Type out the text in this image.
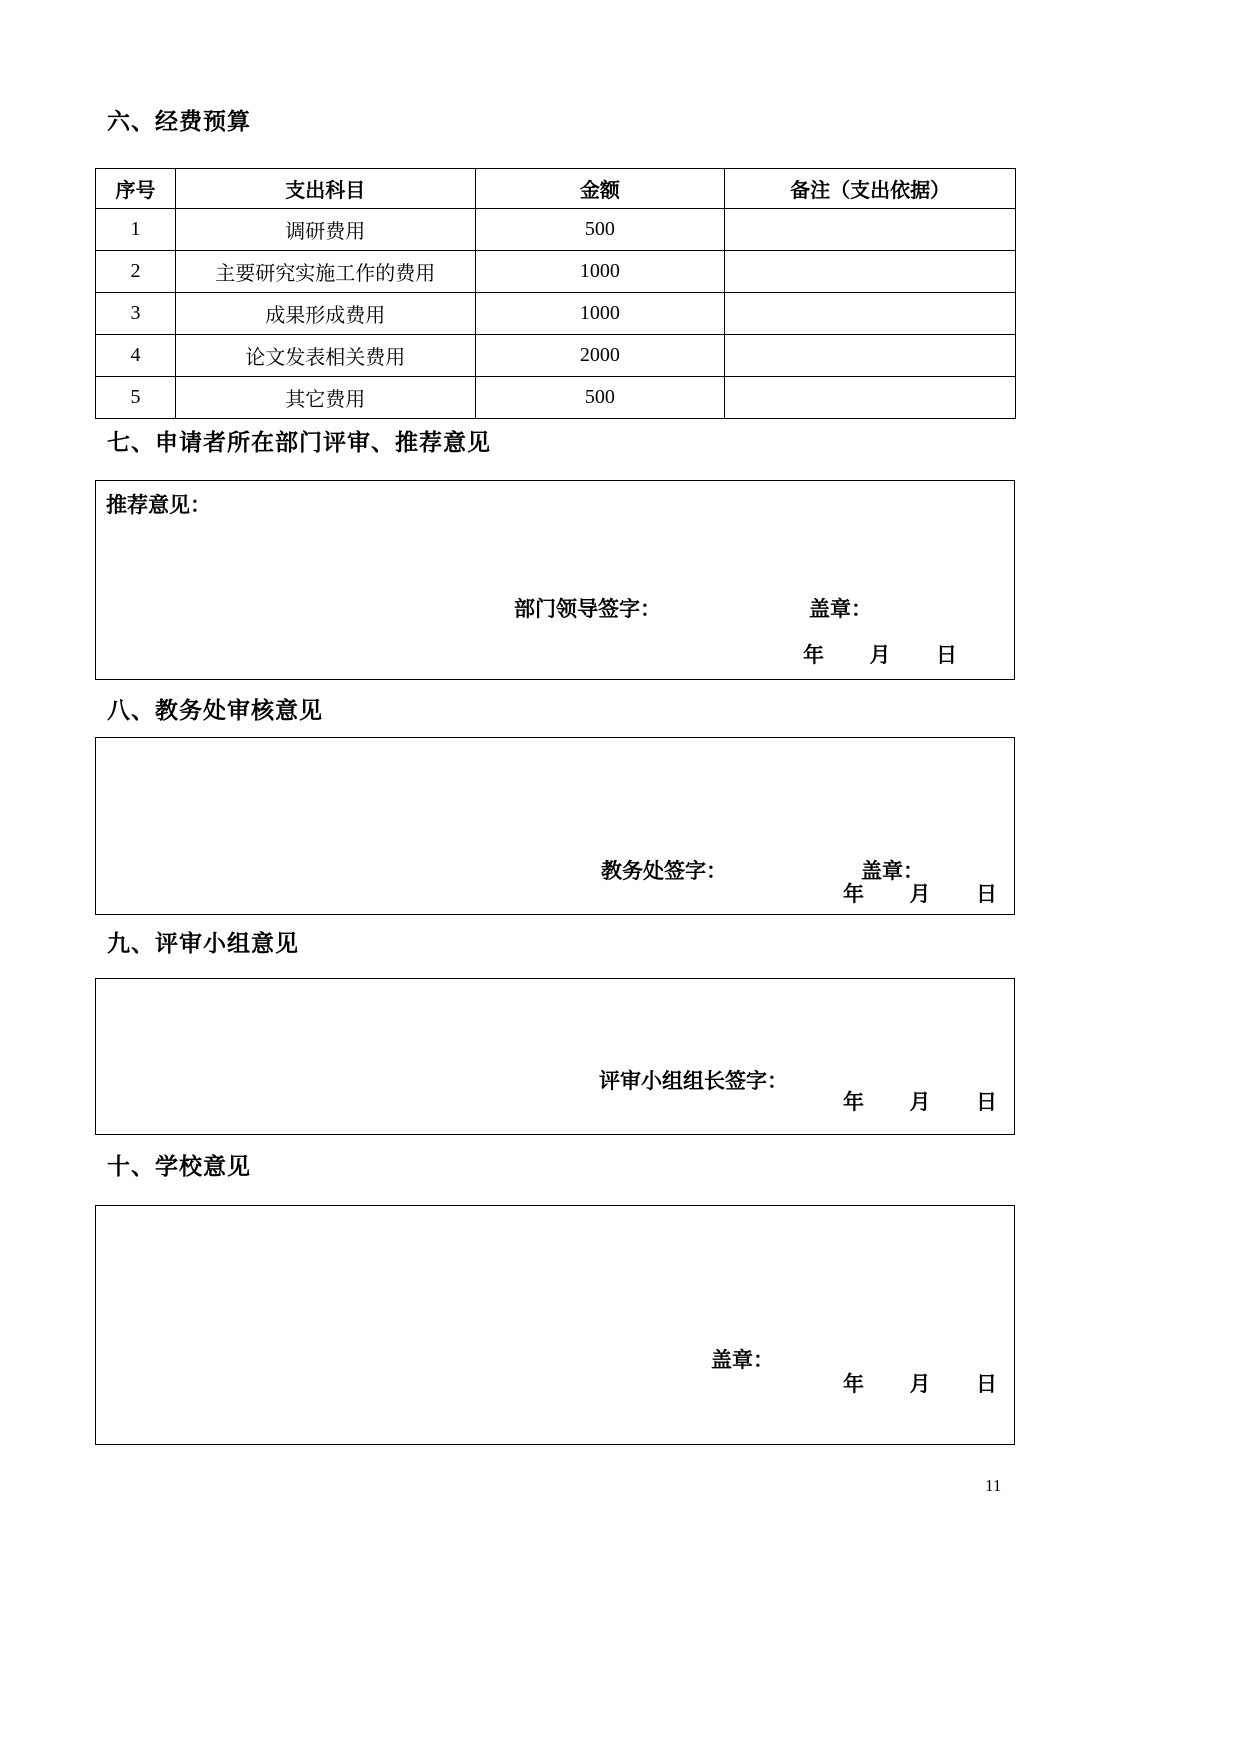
六、经费预算
序号	支出科目	金额	备注（支出依据）
1	调研费用	500	
2	主要研究实施工作的费用	1000	
3	成果形成费用	1000	
4	论文发表相关费用	2000	
5	其它费用	500	
七、申请者所在部门评审、推荐意见
推荐意见：
部门领导签字：	盖章：
年      月      日
八、教务处审核意见
教务处签字：	盖章：
年      月      日
九、评审小组意见
评审小组组长签字：
年      月      日
十、学校意见
盖章：
年      月      日
11
